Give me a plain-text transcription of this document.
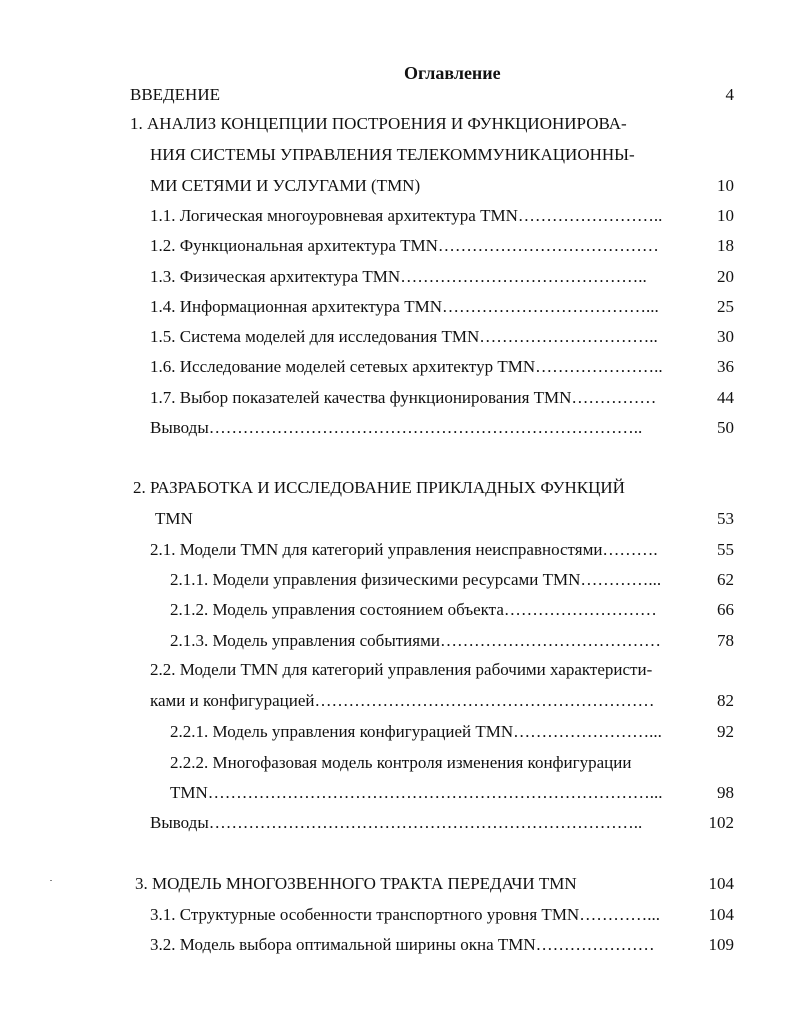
Оглавление
ВВЕДЕНИЕ	4
1. АНАЛИЗ КОНЦЕПЦИИ ПОСТРОЕНИЯ И ФУНКЦИОНИРОВА-
НИЯ СИСТЕМЫ УПРАВЛЕНИЯ ТЕЛЕКОММУНИКАЦИОННЫ-
МИ СЕТЯМИ И УСЛУГАМИ (TMN)	10
1.1. Логическая многоуровневая архитектура TMN……………………..	10
1.2. Функциональная архитектура TMN…………………………………	18
1.3. Физическая архитектура TMN……………………………………..	20
1.4. Информационная архитектура TMN………………………………...	25
1.5. Система моделей для исследования TMN…………………………..	30
1.6. Исследование моделей сетевых архитектур TMN…………………..	36
1.7. Выбор показателей качества функционирования TMN……………	44
Выводы…………………………………………………………………..	50
2. РАЗРАБОТКА И ИССЛЕДОВАНИЕ ПРИКЛАДНЫХ ФУНКЦИЙ
TMN	53
2.1. Модели TMN для категорий управления неисправностями……….	55
2.1.1. Модели управления физическими ресурсами TMN…………...	62
2.1.2. Модель управления состоянием объекта………………………	66
2.1.3. Модель управления событиями…………………………………	78
2.2. Модели TMN для категорий управления рабочими характеристи-
ками и конфигурацией……………………………………………………	82
2.2.1. Модель управления конфигурацией TMN……………………...	92
2.2.2. Многофазовая модель контроля изменения конфигурации
TMN……………………………………………………………………...	98
Выводы…………………………………………………………………..	102
3. МОДЕЛЬ МНОГОЗВЕННОГО ТРАКТА ПЕРЕДАЧИ TMN	104
3.1. Структурные особенности транспортного уровня TMN…………...	104
3.2. Модель выбора оптимальной ширины окна TMN…………………	109
